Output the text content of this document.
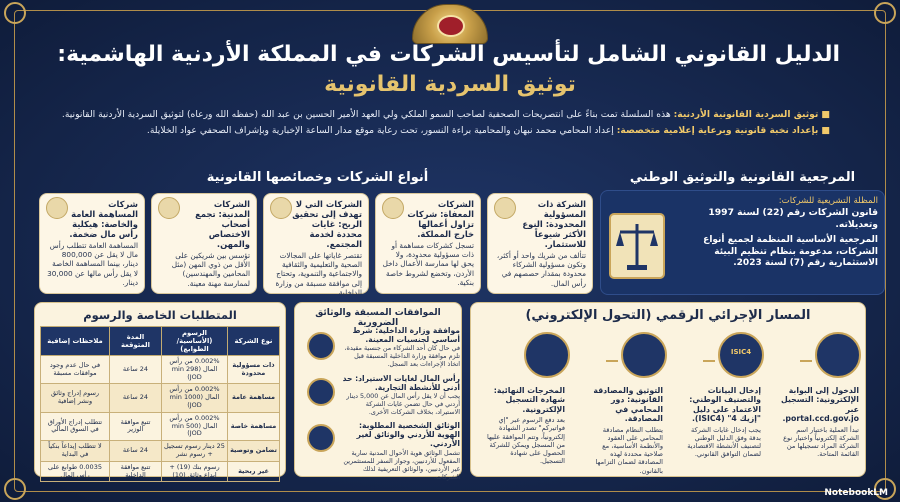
الدليل القانوني الشامل لتأسيس الشركات في المملكة الأردنية الهاشمية:
توثيق السردية القانونية
■ توثيق السردية القانونية الأردنية: هذه السلسلة تمت بناءً على انتصريحات الصحفية لصاحب السمو الملكي ولي العهد الأمير الحسين بن عبد الله (حفظه الله ورعاه) لتوثيق السردية الأردنية القانونية.
■ بإعداد نخبة قانونية وبرعاية إعلامية متخصصة: إعداد المحامي محمد نبهان والمحامية براءة النسور، تحت رعاية موقع مدار الساعة الإخبارية وبإشراف الصحفي عواد الخلايلة.
المرجعية القانونية والتوثيق الوطني
أنواع الشركات وخصائصها القانونية
المظلة التشريعية للشركات:
قانون الشركات رقم (22) لسنة 1997 وتعديلاته.
المرجعية الأساسية المنظمة لجميع أنواع الشركات، مدعومة بنظام تنظيم البيئة الاستثمارية رقم (7) لسنة 2023.
الشركة ذات المسؤولية المحدودة: النوع الأكثر شيوعاً للاستثمار.
تتألف من شريك واحد أو أكثر، وتكون مسؤولية الشركاء محدودة بمقدار حصصهم في رأس المال.
الشركات المعفاة: شركات تزاول أعمالها خارج المملكة.
تسجل كشركات مساهمة أو ذات مسؤولية محدودة، ولا يحق لها ممارسة الأعمال داخل الأردن، وتخضع لشروط خاصة بنكية.
الشركات التي لا تهدف إلى تحقيق الربح: غايات محددة لخدمة المجتمع.
تقتصر غاياتها على المجالات الصحية والتعليمية والثقافية والاجتماعية والتنموية، وتحتاج إلى موافقة مسبقة من وزارة الداخلية.
الشركات المدنية: تجمع أصحاب الاختصاص والمهن.
تؤسس بين شريكين على الأقل من ذوي المهن (مثل المحامين والمهندسين) لممارسة مهنة معينة.
شركات المساهمة العامة والخاصة: هيكلية رأس مال ضخمة.
المساهمة العامة تتطلب رأس مال لا يقل عن 800,000 دينار، بينما المساهمة الخاصة لا يقل رأس مالها عن 30,000 دينار.
المتطلبات الخاصة والرسوم	الموافقات المسبقة والوثائق الضرورية	المسار الإجرائي الرقمي (التحول الإلكتروني)
ISIC4
الدخول إلى البوابة الإلكترونية: التسجيل عبر portal.ccd.gov.jo.
تبدأ العملية باختيار اسم الشركة إلكترونياً واختيار نوع الشركة المراد تسجيلها من القائمة المتاحة.
إدخال البيانات والتصنيف الوطني: الاعتماد على دليل "إزيك 4" (ISIC4).
يجب إدخال غايات الشركة بدقة وفق الدليل الوطني لتصنيف الأنشطة الاقتصادية لضمان التوافق القانوني.
التوثيق والمصادقة القانونية: دور المحامي في المصادقة.
يتطلب النظام مصادقة المحامي على العقود والأنظمة الأساسية، مع صلاحية محددة لهذه المصادقة لضمان التزامها بالقانون.
المخرجات النهائية: شهادة التسجيل الإلكترونية.
بعد دفع الرسوم عبر "إي فواتيركم" تصدر الشهادة إلكترونياً، وتتم الموافقة عليها من المسجل ويمكن للشركة الحصول على شهادة التسجيل.
موافقة وزارة الداخلية: شرط أساسي لجنسيات المعينة.
في حال كان أحد الشركاء من جنسية مقيدة، تلزم موافقة وزارة الداخلية المسبقة قبل اتخاذ الإجراءات بعد السجل.
رأس المال لغايات الاستيراد: حد أدنى للأنشطة التجارية.
يجب أن لا يقل رأس المال عن 5,000 دينار أردني في حال تضمن غايات الشركة الاستيراد، بخلاف الشركات الأخرى.
الوثائق الشخصية المطلوبة: الهوية للأردني والوثائق لغير الأردني.
تشمل الوثائق هوية الأحوال المدنية سارية المفعول للأردنيين، وجواز السفر للمستثمرين غير الأردنيين، والوثائق التعريفية لذلك الشركات.
نوع الشركة	الرسوم (الأساسية/الطوابع)	المدة المتوقعة	ملاحظات إضافية
ذات مسؤولية محدودة	0.002% من رأس المال (min 298 JOD)	24 ساعة	في حال عدم وجود موافقات مسبقة
مساهمة عامة	0.002% من رأس المال (min 1000 JOD)	24 ساعة	رسوم إدراج وثائق ونشر إضافية
مساهمة خاصة	0.002% من رأس المال (min 500 JOD)	تتبع موافقة الوزير	تتطلب إدراج الأوراق في السوق المالي
تضامن وتوصية	25 دينار رسوم تسجيل + رسوم نشر	24 ساعة	لا تتطلب إيداعاً بنكياً في البداية
غير ربحية	رسوم بنك (19) + إيداع وثائق (10)	تتبع موافقة الداخلية	0.0035 طوابع على رأس المال
NotebookLM
